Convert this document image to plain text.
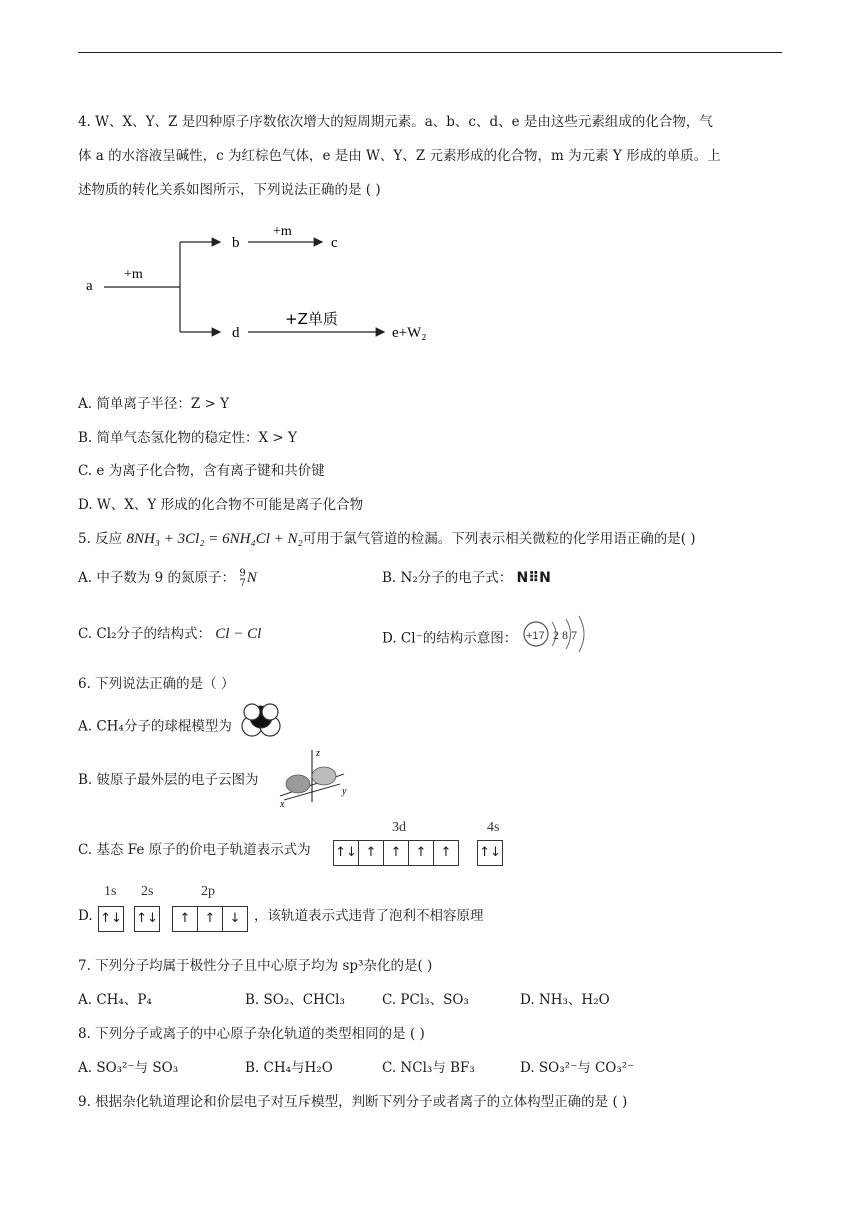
4. W、X、Y、Z 是四种原子序数依次增大的短周期元素。a、b、c、d、e 是由这些元素组成的化合物，气
体 a 的水溶液呈碱性，c 为红棕色气体，e 是由 W、Y、Z 元素形成的化合物，m 为元素 Y 形成的单质。上
述物质的转化关系如图所示，下列说法正确的是 ( )
a
+m
b
+m
c
d
+Z单质
e+W₂
A. 简单离子半径：Z > Y
B. 简单气态氢化物的稳定性：X > Y
C. e 为离子化合物，含有离子键和共价键
D. W、X、Y 形成的化合物不可能是离子化合物
5. 反应 8NH₃ + 3Cl₂ = 6NH₄Cl + N₂可用于氯气管道的检漏。下列表示相关微粒的化学用语正确的是( )
A. 中子数为 9 的氮原子： 9
7N	B. N₂分子的电子式： N⠿N
C. Cl₂分子的结构式： Cl − Cl	D. Cl⁻的结构示意图： +17 2 8 7
6. 下列说法正确的是（ ）
A. CH₄分子的球棍模型为
B. 铍原子最外层的电子云图为
z
x
y
3d	4s
C. 基态 Fe 原子的价电子轨道表示式为 ↑↓ ↑ ↑ ↑ ↑ ↑↓
1s 2s	2p
D. ↑↓ ↑↓ ↑ ↑ ↓	，该轨道表示式违背了泡利不相容原理
7. 下列分子均属于极性分子且中心原子均为 sp³杂化的是( )
A. CH₄、P₄	B. SO₂、CHCl₃	C. PCl₃、SO₃	D. NH₃、H₂O
8. 下列分子或离子的中心原子杂化轨道的类型相同的是 ( )
A. SO₃²⁻与 SO₃	B. CH₄与H₂O	C. NCl₃与 BF₃	D. SO₃²⁻与 CO₃²⁻
9. 根据杂化轨道理论和价层电子对互斥模型，判断下列分子或者离子的立体构型正确的是 ( )
